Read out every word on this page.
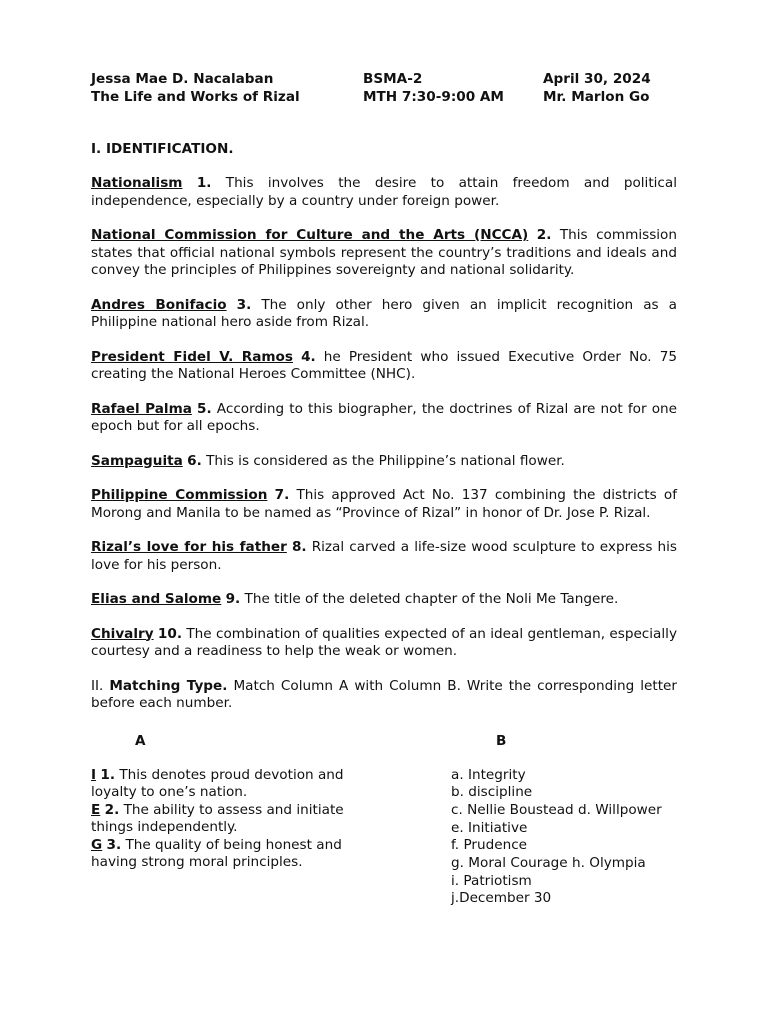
Jessa Mae D. Nacalaban	BSMA-2	April 30, 2024
The Life and Works of Rizal	MTH 7:30-9:00 AM	Mr. Marlon Go
I. IDENTIFICATION.
Nationalism 1. This involves the desire to attain freedom and political independence, especially by a country under foreign power.
National Commission for Culture and the Arts (NCCA) 2. This commission states that official national symbols represent the country’s traditions and ideals and convey the principles of Philippines sovereignty and national solidarity.
Andres Bonifacio 3. The only other hero given an implicit recognition as a Philippine national hero aside from Rizal.
President Fidel V. Ramos 4. he President who issued Executive Order No. 75 creating the National Heroes Committee (NHC).
Rafael Palma 5. According to this biographer, the doctrines of Rizal are not for one epoch but for all epochs.
Sampaguita 6. This is considered as the Philippine’s national flower.
Philippine Commission 7. This approved Act No. 137 combining the districts of Morong and Manila to be named as “Province of Rizal” in honor of Dr. Jose P. Rizal.
Rizal’s love for his father 8. Rizal carved a life-size wood sculpture to express his love for his person.
Elias and Salome 9. The title of the deleted chapter of the Noli Me Tangere.
Chivalry 10. The combination of qualities expected of an ideal gentleman, especially courtesy and a readiness to help the weak or women.
II. Matching Type. Match Column A with Column B. Write the corresponding letter before each number.
A
I 1. This denotes proud devotion and loyalty to one’s nation.
E 2. The ability to assess and initiate things independently.
G 3. The quality of being honest and having strong moral principles.
B
a. Integrity
b. discipline
c. Nellie Boustead d. Willpower
e. Initiative
f. Prudence
g. Moral Courage h. Olympia
i. Patriotism
j.December 30
